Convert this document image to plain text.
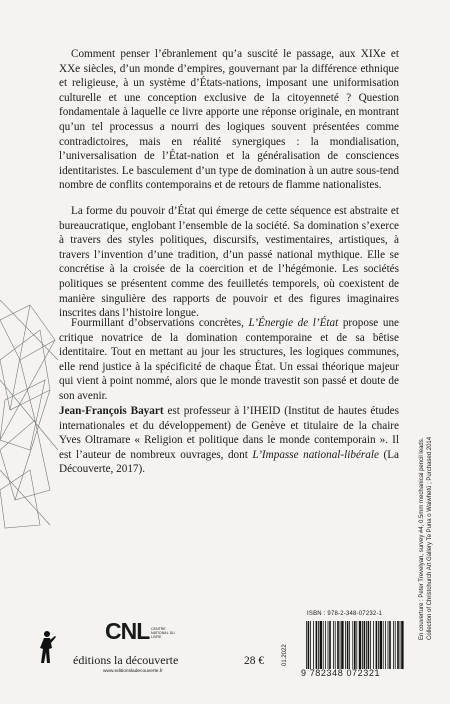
Comment penser l’ébranlement qu’a suscité le passage, aux XIXe et XXe siècles, d’un monde d’empires, gouvernant par la différence ethnique et religieuse, à un système d’États-nations, imposant une uniformisation culturelle et une conception exclusive de la citoyenneté ? Question fondamentale à laquelle ce livre apporte une réponse originale, en montrant qu’un tel processus a nourri des logiques souvent présentées comme contradictoires, mais en réalité synergiques : la mondialisation, l’universalisation de l’État-nation et la généralisation de consciences identitaristes. Le basculement d’un type de domination à un autre sous-tend nombre de conflits contemporains et de retours de flamme nationalistes.

La forme du pouvoir d’État qui émerge de cette séquence est abstraite et bureaucratique, englobant l’ensemble de la société. Sa domination s’exerce à travers des styles politiques, discursifs, vestimentaires, artistiques, à travers l’invention d’une tradition, d’un passé national mythique. Elle se concrétise à la croisée de la coercition et de l’hégémonie. Les sociétés politiques se présentent comme des feuilletés temporels, où coexistent de manière singulière des rapports de pouvoir et des figures imaginaires inscrites dans l’histoire longue.

Fourmillant d’observations concrètes, L’Énergie de l’État propose une critique novatrice de la domination contemporaine et de sa bêtise identitaire. Tout en mettant au jour les structures, les logiques communes, elle rend justice à la spécificité de chaque État. Un essai théorique majeur qui vient à point nommé, alors que le monde travestit son passé et doute de son avenir.

Jean-François Bayart est professeur à l’IHEID (Institut de hautes études internationales et du développement) de Genève et titulaire de la chaire Yves Oltramare « Religion et politique dans le monde contemporain ». Il est l’auteur de nombreux ouvrages, dont L’Impasse national-libérale (La Découverte, 2017).

CNL CENTRE NATIONAL DU LIVRE
éditions la découverte
www.editionsladecouverte.fr
28 €	01.2022
ISBN : 978-2-348-07232-1
9 782348 072321
En couverture : Peter Trevelyan, survey #4, 0.5mm mechanical pencil leads. Collection of Christchurch Art Gallery Te Puna o Waiwhetū ; Purchased 2014
